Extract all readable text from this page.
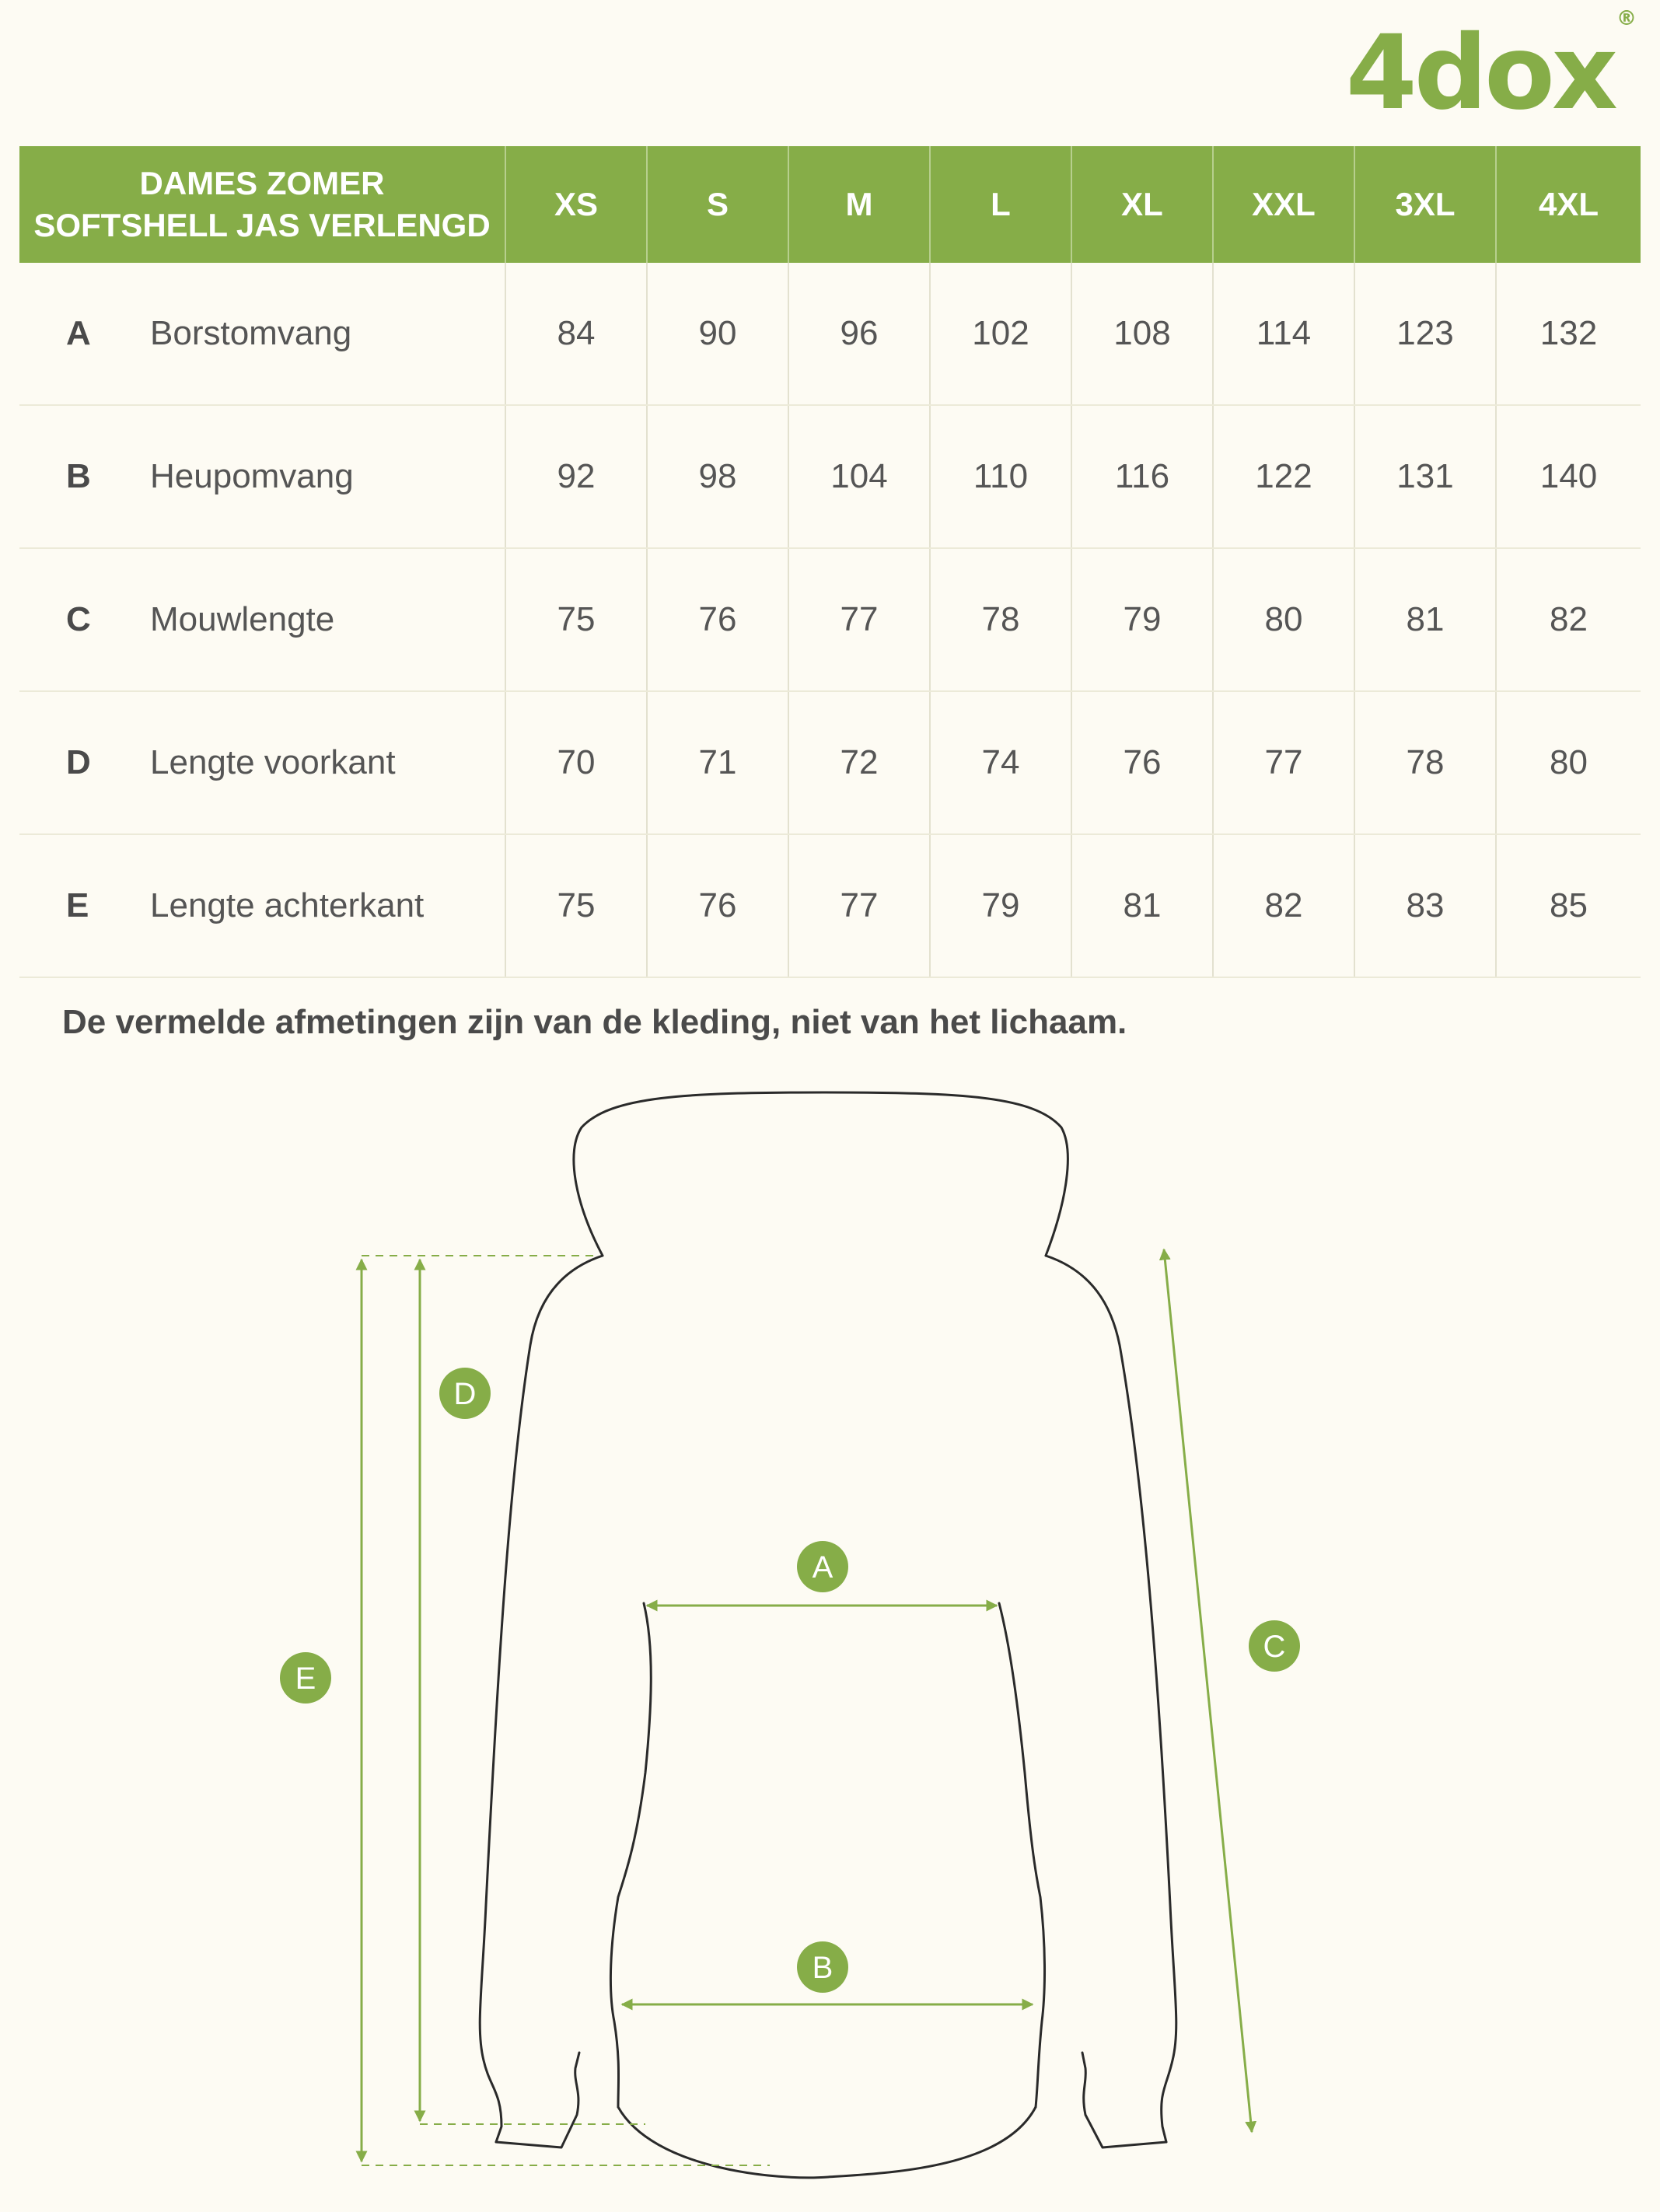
4dox®
DAMES ZOMER
SOFTSHELL JAS VERLENGD	XS	S	M	L	XL	XXL	3XL	4XL
A Borstomvang	84	90	96	102	108	114	123	132
B Heupomvang	92	98	104	110	116	122	131	140
C Mouwlengte	75	76	77	78	79	80	81	82
D Lengte voorkant	70	71	72	74	76	77	78	80
E Lengte achterkant	75	76	77	79	81	82	83	85
De vermelde afmetingen zijn van de kleding, niet van het lichaam.
D
A
C
E
B
